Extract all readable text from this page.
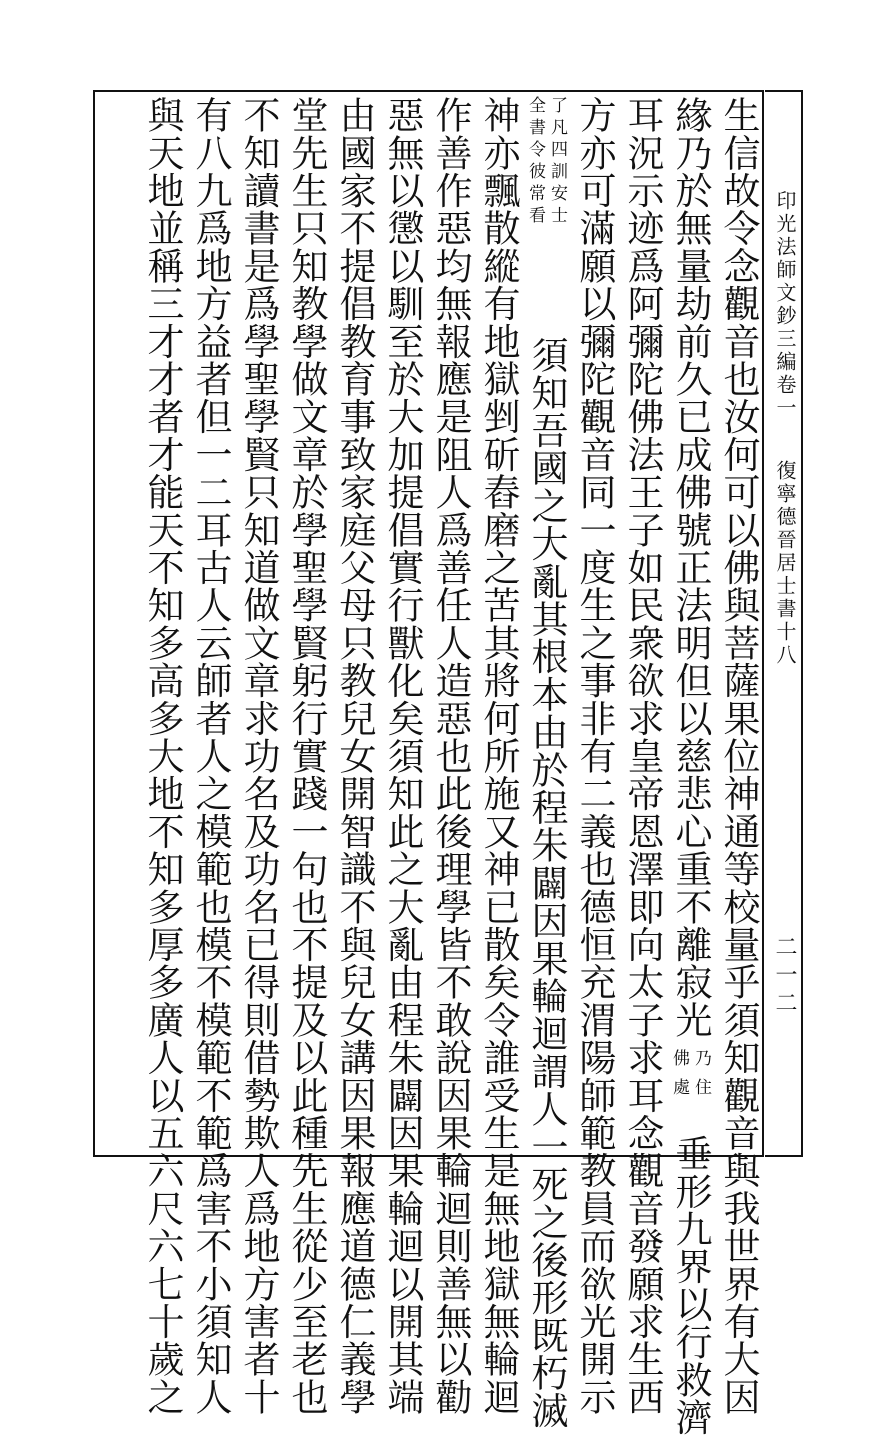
印光法師文鈔三編卷一
復寧德晉居士書十八
二一二
生信故令念觀音也汝何可以佛與菩薩果位神通等校量乎須知觀音與我世界有大因
緣乃於無量劫前久已成佛號正法明但以慈悲心重不離寂光
乃住
佛處
垂形九界以行救濟
耳況示迹爲阿彌陀佛法王子如民衆欲求皇帝恩澤即向太子求耳念觀音發願求生西
方亦可滿願以彌陀觀音同一度生之事非有二義也德恒充渭陽師範教員而欲光開示
了凡四訓安士
全書令彼常看
須知吾國之大亂其根本由於程朱闢因果輪迴謂人一死之後形既朽滅
神亦飄散縱有地獄剉斫舂磨之苦其將何所施又神已散矣令誰受生是無地獄無輪迴
作善作惡均無報應是阻人爲善任人造惡也此後理學皆不敢說因果輪迴則善無以勸
惡無以懲以馴至於大加提倡實行獸化矣須知此之大亂由程朱闢因果輪迴以開其端
由國家不提倡教育事致家庭父母只教兒女開智識不與兒女講因果報應道德仁義學
堂先生只知教學做文章於學聖學賢躬行實踐一句也不提及以此種先生從少至老也
不知讀書是爲學聖學賢只知道做文章求功名及功名已得則借勢欺人爲地方害者十
有八九爲地方益者但一二耳古人云師者人之模範也模不模範不範爲害不小須知人
與天地並稱三才才者才能天不知多高多大地不知多厚多廣人以五六尺六七十歲之
